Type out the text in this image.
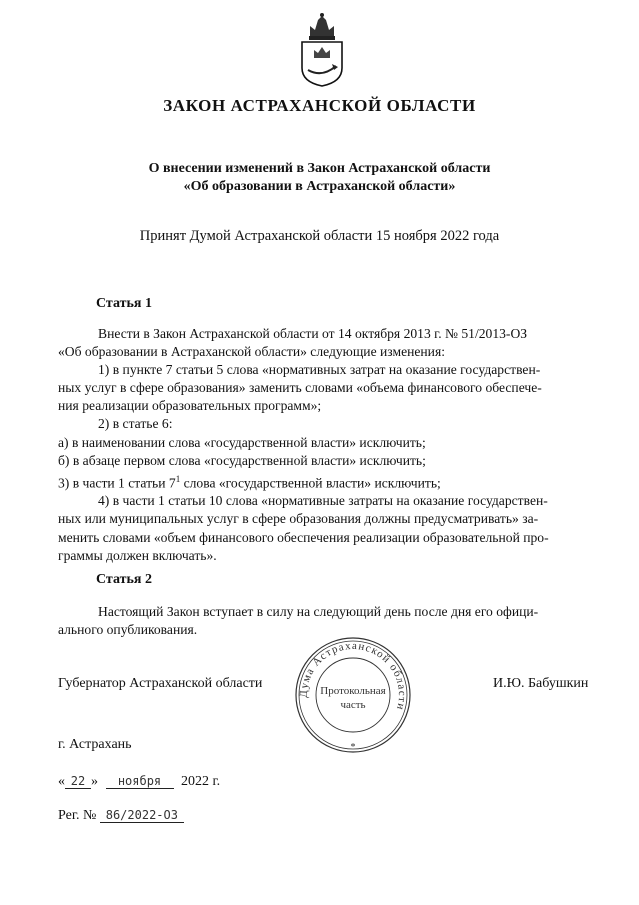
ЗАКОН АСТРАХАНСКОЙ ОБЛАСТИ
О внесении изменений в Закон Астраханской области
«Об образовании в Астраханской области»
Принят Думой Астраханской области 15 ноября 2022 года
Статья 1

Внести в Закон Астраханской области от 14 октября 2013 г. № 51/2013-ОЗ

«Об образовании в Астраханской области» следующие изменения:

1) в пункте 7 статьи 5 слова «нормативных затрат на оказание государствен-

ных услуг в сфере образования» заменить словами «объема финансового обеспече-

ния реализации образовательных программ»;

2) в статье 6:

а) в наименовании слова «государственной власти» исключить;

б) в абзаце первом слова «государственной власти» исключить;

3) в части 1 статьи $7^1$ слова «государственной власти» исключить;

4) в части 1 статьи 10 слова «нормативные затраты на оказание государствен-

ных или муниципальных услуг в сфере образования должны предусматривать» за-

менить словами «объем финансового обеспечения реализации образовательной про-

граммы должен включать».

Статья 2

Настоящий Закон вступает в силу на следующий день после дня его офици-

ального опубликования.

Губернатор Астраханской области	И.Ю. Бабушкин
Дума Астраханской области
Протокольная
часть
*
г. Астрахань
« 22 » ноября 2022 г.
Рег. № 86/2022-ОЗ
